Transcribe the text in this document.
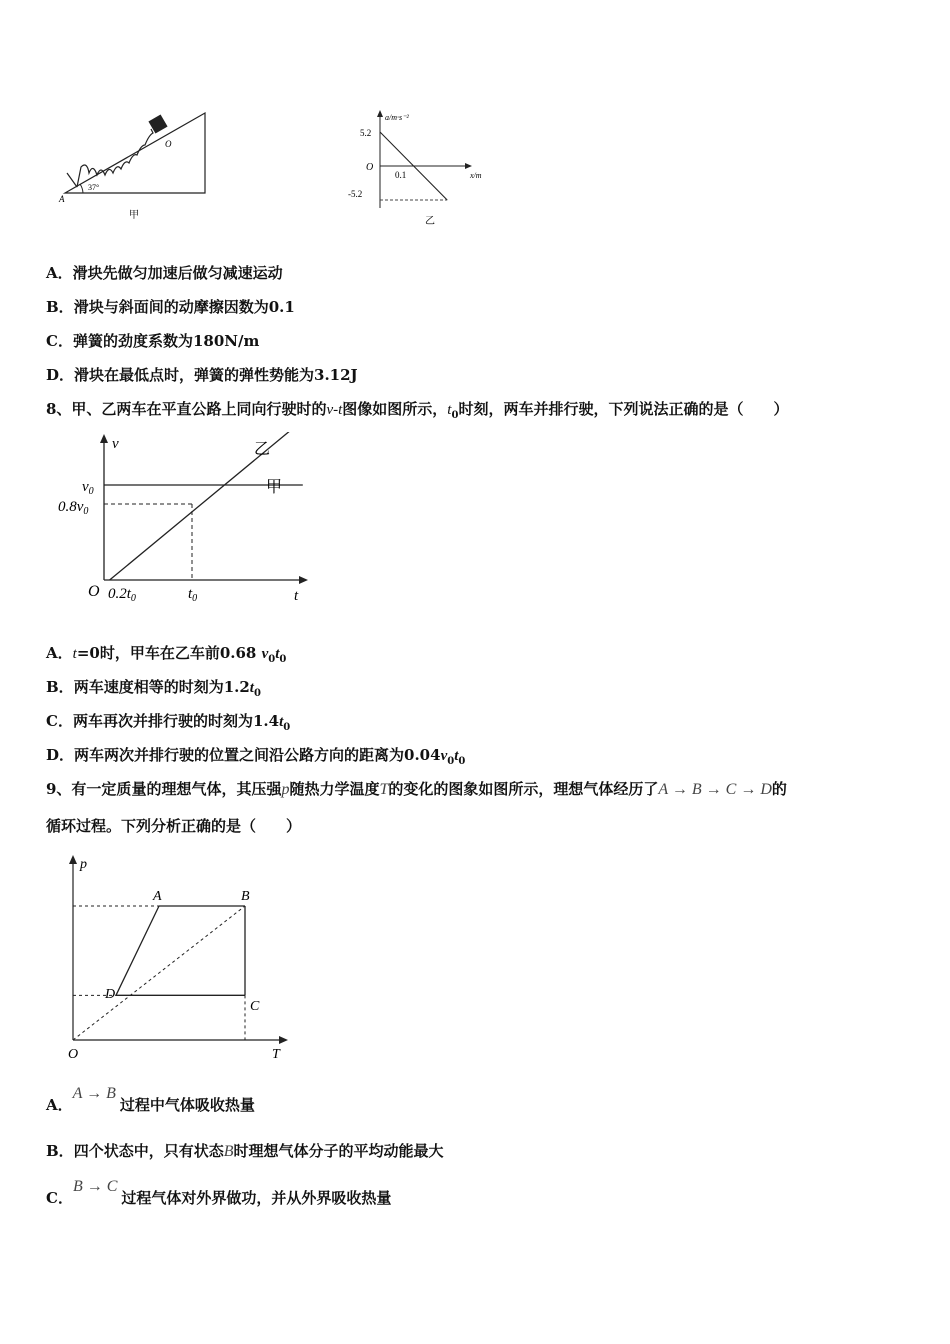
37°
A
O
甲
a/m·s⁻²
x/m
O
5.2
-5.2
0.1
乙
A．滑块先做匀加速后做匀减速运动
B．滑块与斜面间的动摩擦因数为0.1
C．弹簧的劲度系数为180N/m
D．滑块在最低点时，弹簧的弹性势能为3.12J
8、甲、乙两车在平直公路上同向行驶时的v-t图像如图所示，$t_0$时刻，两车并排行驶，下列说法正确的是（　　）
v
t
O
$v_0$
$0.8v_0$
$0.2t_0$	$t_0$
甲
乙
A．t=0时，甲车在乙车前0.68 $v_0t_0$
B．两车速度相等的时刻为$1.2t_0$
C．两车再次并排行驶的时刻为$1.4t_0$
D．两车两次并排行驶的位置之间沿公路方向的距离为$0.04v_0t_0$
9、有一定质量的理想气体，其压强p随热力学温度T的变化的图象如图所示，理想气体经历了A → B → C → D的
循环过程。下列分析正确的是（　　）
p
T
O
A	B
C
D
A．A → B过程中气体吸收热量
B．四个状态中，只有状态B时理想气体分子的平均动能最大
C．B → C过程气体对外界做功，并从外界吸收热量
